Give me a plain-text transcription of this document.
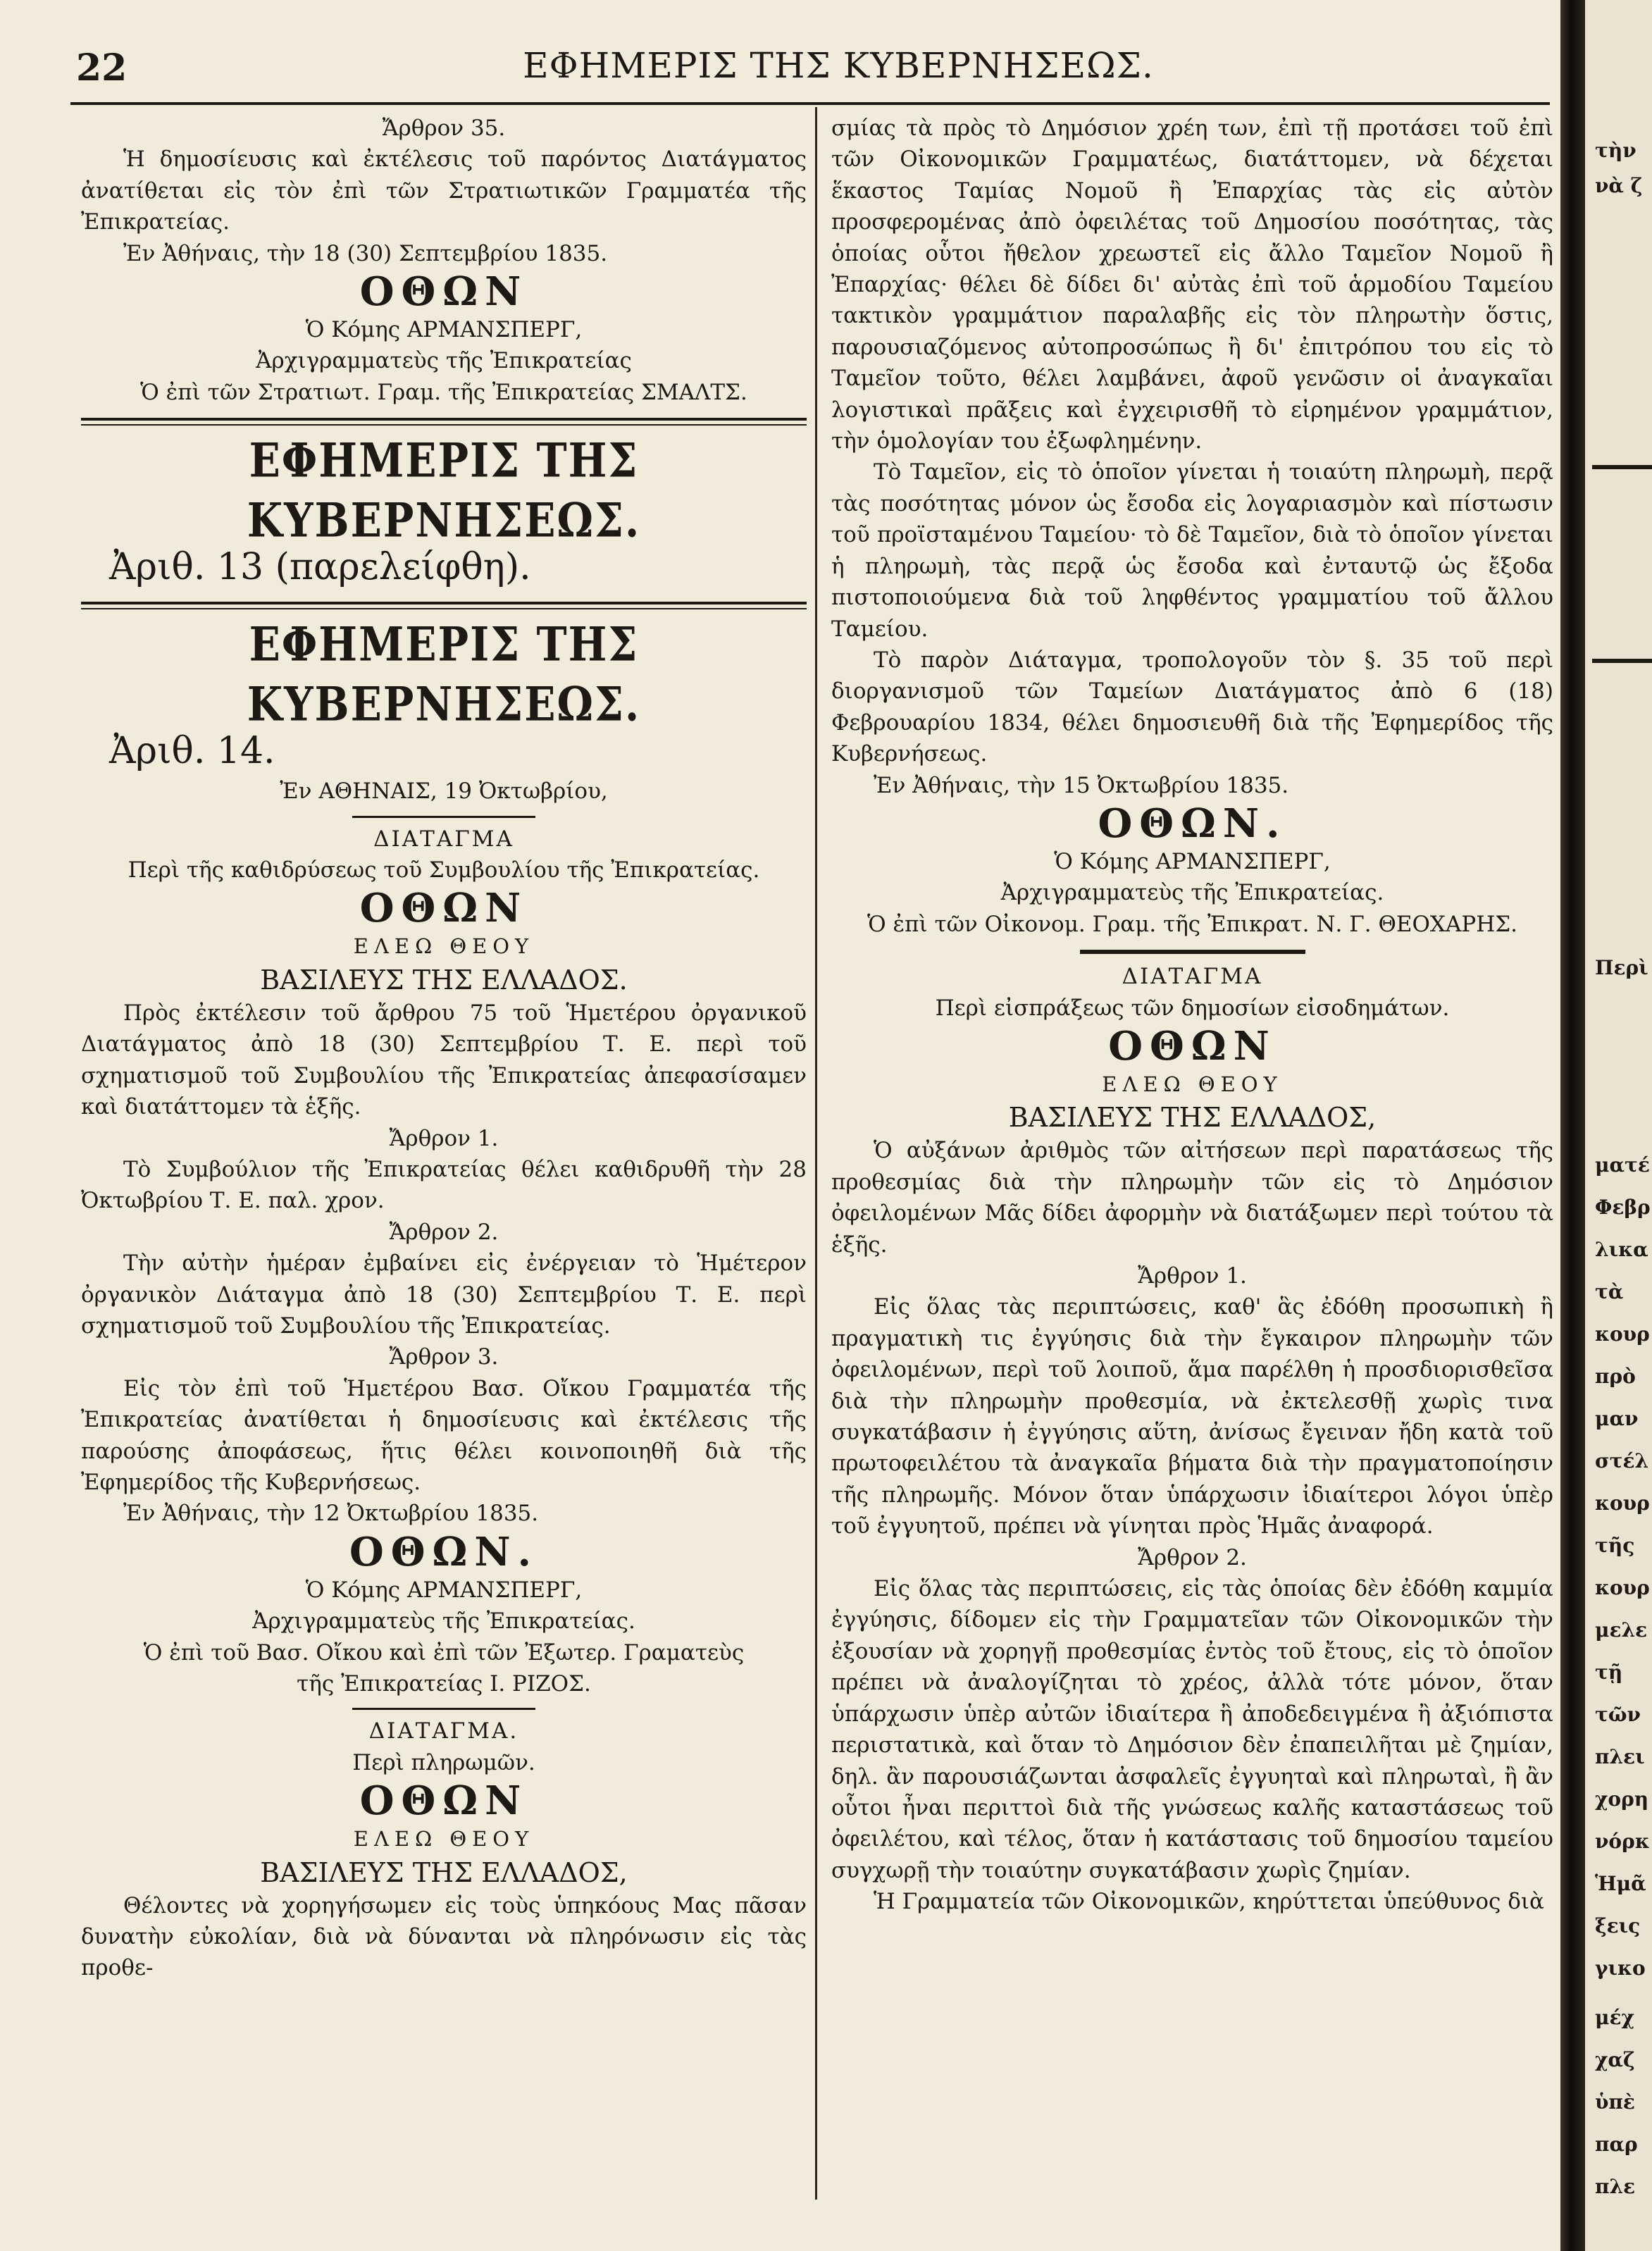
22	ΕΦΗΜΕΡΙΣ ΤΗΣ ΚΥΒΕΡΝΗΣΕΩΣ.

Ἄρθρον 35.

Ἡ δημοσίευσις καὶ ἐκτέλεσις τοῦ παρόντος Διατάγματος ἀνατίθεται εἰς τὸν ἐπὶ τῶν Στρατιωτικῶν Γραμματέα τῆς Ἐπικρατείας.

Ἐν Ἀθήναις, τὴν 18 (30) Σεπτεμβρίου 1835.

ΟΘΩΝ

Ὁ Κόμης ΑΡΜΑΝΣΠΕΡΓ,

Ἀρχιγραμματεὺς τῆς Ἐπικρατείας

Ὁ ἐπὶ τῶν Στρατιωτ. Γραμ. τῆς Ἐπικρατείας ΣΜΑΛΤΣ.

ΕΦΗΜΕΡΙΣ ΤΗΣ ΚΥΒΕΡΝΗΣΕΩΣ.

Ἀριθ. 13 (παρελείφθη).

ΕΦΗΜΕΡΙΣ ΤΗΣ ΚΥΒΕΡΝΗΣΕΩΣ.

Ἀριθ. 14.

Ἐν ΑΘΗΝΑΙΣ, 19 Ὀκτωβρίου,

ΔΙΑΤΑΓΜΑ

Περὶ τῆς καθιδρύσεως τοῦ Συμβουλίου τῆς Ἐπικρατείας.

ΟΘΩΝ

ΕΛΕΩ ΘΕΟΥ

ΒΑΣΙΛΕΥΣ ΤΗΣ ΕΛΛΑΔΟΣ.

Πρὸς ἐκτέλεσιν τοῦ ἄρθρου 75 τοῦ Ἡμετέρου ὀργανικοῦ Διατάγματος ἀπὸ 18 (30) Σεπτεμβρίου Τ. Ε. περὶ τοῦ σχηματισμοῦ τοῦ Συμβουλίου τῆς Ἐπικρατείας ἀπεφασίσαμεν καὶ διατάττομεν τὰ ἑξῆς.

Ἄρθρον 1.

Τὸ Συμβούλιον τῆς Ἐπικρατείας θέλει καθιδρυθῆ τὴν 28 Ὀκτωβρίου Τ. Ε. παλ. χρον.

Ἄρθρον 2.

Τὴν αὐτὴν ἡμέραν ἐμβαίνει εἰς ἐνέργειαν τὸ Ἡμέτερον ὀργανικὸν Διάταγμα ἀπὸ 18 (30) Σεπτεμβρίου Τ. Ε. περὶ σχηματισμοῦ τοῦ Συμβουλίου τῆς Ἐπικρατείας.

Ἄρθρον 3.

Εἰς τὸν ἐπὶ τοῦ Ἡμετέρου Βασ. Οἴκου Γραμματέα τῆς Ἐπικρατείας ἀνατίθεται ἡ δημοσίευσις καὶ ἐκτέλεσις τῆς παρούσης ἀποφάσεως, ἥτις θέλει κοινοποιηθῆ διὰ τῆς Ἐφημερίδος τῆς Κυβερνήσεως.

Ἐν Ἀθήναις, τὴν 12 Ὀκτωβρίου 1835.

ΟΘΩΝ.

Ὁ Κόμης ΑΡΜΑΝΣΠΕΡΓ,

Ἀρχιγραμματεὺς τῆς Ἐπικρατείας.

Ὁ ἐπὶ τοῦ Βασ. Οἴκου καὶ ἐπὶ τῶν Ἐξωτερ. Γραματεὺς

τῆς Ἐπικρατείας Ι. ΡΙΖΟΣ.

ΔΙΑΤΑΓΜΑ.

Περὶ πληρωμῶν.

ΟΘΩΝ

ΕΛΕΩ ΘΕΟΥ

ΒΑΣΙΛΕΥΣ ΤΗΣ ΕΛΛΑΔΟΣ,

Θέλοντες νὰ χορηγήσωμεν εἰς τοὺς ὑπηκόους Μας πᾶσαν δυνατὴν εὐκολίαν, διὰ νὰ δύνανται νὰ πληρόνωσιν εἰς τὰς προθε-

σμίας τὰ πρὸς τὸ Δημόσιον χρέη των, ἐπὶ τῇ προτάσει τοῦ ἐπὶ τῶν Οἰκονομικῶν Γραμματέως, διατάττομεν, νὰ δέχεται ἕκαστος Ταμίας Νομοῦ ἢ Ἐπαρχίας τὰς εἰς αὐτὸν προσφερομένας ἀπὸ ὀφειλέτας τοῦ Δημοσίου ποσότητας, τὰς ὁποίας οὗτοι ἤθελον χρεωστεῖ εἰς ἄλλο Ταμεῖον Νομοῦ ἢ Ἐπαρχίας· θέλει δὲ δίδει δι' αὐτὰς ἐπὶ τοῦ ἁρμοδίου Ταμείου τακτικὸν γραμμάτιον παραλαβῆς εἰς τὸν πληρωτὴν ὅστις, παρουσιαζόμενος αὐτοπροσώπως ἢ δι' ἐπιτρόπου του εἰς τὸ Ταμεῖον τοῦτο, θέλει λαμβάνει, ἀφοῦ γενῶσιν οἱ ἀναγκαῖαι λογιστικαὶ πρᾶξεις καὶ ἐγχειρισθῆ τὸ εἰρημένον γραμμάτιον, τὴν ὁμολογίαν του ἐξωφλημένην.

Τὸ Ταμεῖον, εἰς τὸ ὁποῖον γίνεται ἡ τοιαύτη πληρωμὴ, περᾷ τὰς ποσότητας μόνον ὡς ἔσοδα εἰς λογαριασμὸν καὶ πίστωσιν τοῦ προϊσταμένου Ταμείου· τὸ δὲ Ταμεῖον, διὰ τὸ ὁποῖον γίνεται ἡ πληρωμὴ, τὰς περᾷ ὡς ἔσοδα καὶ ἐνταυτῷ ὡς ἔξοδα πιστοποιούμενα διὰ τοῦ ληφθέντος γραμματίου τοῦ ἄλλου Ταμείου.

Τὸ παρὸν Διάταγμα, τροπολογοῦν τὸν §. 35 τοῦ περὶ διοργανισμοῦ τῶν Ταμείων Διατάγματος ἀπὸ 6 (18) Φεβρουαρίου 1834, θέλει δημοσιευθῆ διὰ τῆς Ἐφημερίδος τῆς Κυβερνήσεως.

Ἐν Ἀθήναις, τὴν 15 Ὀκτωβρίου 1835.

ΟΘΩΝ.

Ὁ Κόμης ΑΡΜΑΝΣΠΕΡΓ,

Ἀρχιγραμματεὺς τῆς Ἐπικρατείας.

Ὁ ἐπὶ τῶν Οἰκονομ. Γραμ. τῆς Ἐπικρατ. Ν. Γ. ΘΕΟΧΑΡΗΣ.

ΔΙΑΤΑΓΜΑ

Περὶ εἰσπράξεως τῶν δημοσίων εἰσοδημάτων.

ΟΘΩΝ

ΕΛΕΩ ΘΕΟΥ

ΒΑΣΙΛΕΥΣ ΤΗΣ ΕΛΛΑΔΟΣ,

Ὁ αὐξάνων ἀριθμὸς τῶν αἰτήσεων περὶ παρατάσεως τῆς προθεσμίας διὰ τὴν πληρωμὴν τῶν εἰς τὸ Δημόσιον ὀφειλομένων Μᾶς δίδει ἀφορμὴν νὰ διατάξωμεν περὶ τούτου τὰ ἑξῆς.

Ἄρθρον 1.

Εἰς ὅλας τὰς περιπτώσεις, καθ' ἃς ἐδόθη προσωπικὴ ἢ πραγματικὴ τις ἐγγύησις διὰ τὴν ἔγκαιρον πληρωμὴν τῶν ὀφειλομένων, περὶ τοῦ λοιποῦ, ἅμα παρέλθη ἡ προσδιορισθεῖσα διὰ τὴν πληρωμὴν προθεσμία, νὰ ἐκτελεσθῇ χωρὶς τινα συγκατάβασιν ἡ ἐγγύησις αὕτη, ἀνίσως ἔγειναν ἤδη κατὰ τοῦ πρωτοφειλέτου τὰ ἀναγκαῖα βήματα διὰ τὴν πραγματοποίησιν τῆς πληρωμῆς. Μόνον ὅταν ὑπάρχωσιν ἰδιαίτεροι λόγοι ὑπὲρ τοῦ ἐγγυητοῦ, πρέπει νὰ γίνηται πρὸς Ἡμᾶς ἀναφορά.

Ἄρθρον 2.

Εἰς ὅλας τὰς περιπτώσεις, εἰς τὰς ὁποίας δὲν ἐδόθη καμμία ἐγγύησις, δίδομεν εἰς τὴν Γραμματεῖαν τῶν Οἰκονομικῶν τὴν ἐξουσίαν νὰ χορηγῇ προθεσμίας ἐντὸς τοῦ ἔτους, εἰς τὸ ὁποῖον πρέπει νὰ ἀναλογίζηται τὸ χρέος, ἀλλὰ τότε μόνον, ὅταν ὑπάρχωσιν ὑπὲρ αὐτῶν ἰδιαίτερα ἢ ἀποδεδειγμένα ἢ ἀξιόπιστα περιστατικὰ, καὶ ὅταν τὸ Δημόσιον δὲν ἐπαπειλῆται μὲ ζημίαν, δηλ. ἂν παρουσιάζωνται ἀσφαλεῖς ἐγγυηταὶ καὶ πληρωταὶ, ἢ ἂν οὗτοι ἦναι περιττοὶ διὰ τῆς γνώσεως καλῆς καταστάσεως τοῦ ὀφειλέτου, καὶ τέλος, ὅταν ἡ κατάστασις τοῦ δημοσίου ταμείου συγχωρῇ τὴν τοιαύτην συγκατάβασιν χωρὶς ζημίαν.

Ἡ Γραμματεία τῶν Οἰκονομικῶν, κηρύττεται ὑπεύθυνος διὰ

τὴν
νὰ ζ
Περὶ
ματέ
Φεβρ
λικα
τὰ
κουρ
πρὸ
μαν
στέλ
κουρ
τῆς
κουρ
μελε
τῇ
τῶν
πλει
χορη
νόρκ
Ἡμᾶ
ξεις
γικο
μέχ
χαζ
ὑπὲ
παρ
πλε
